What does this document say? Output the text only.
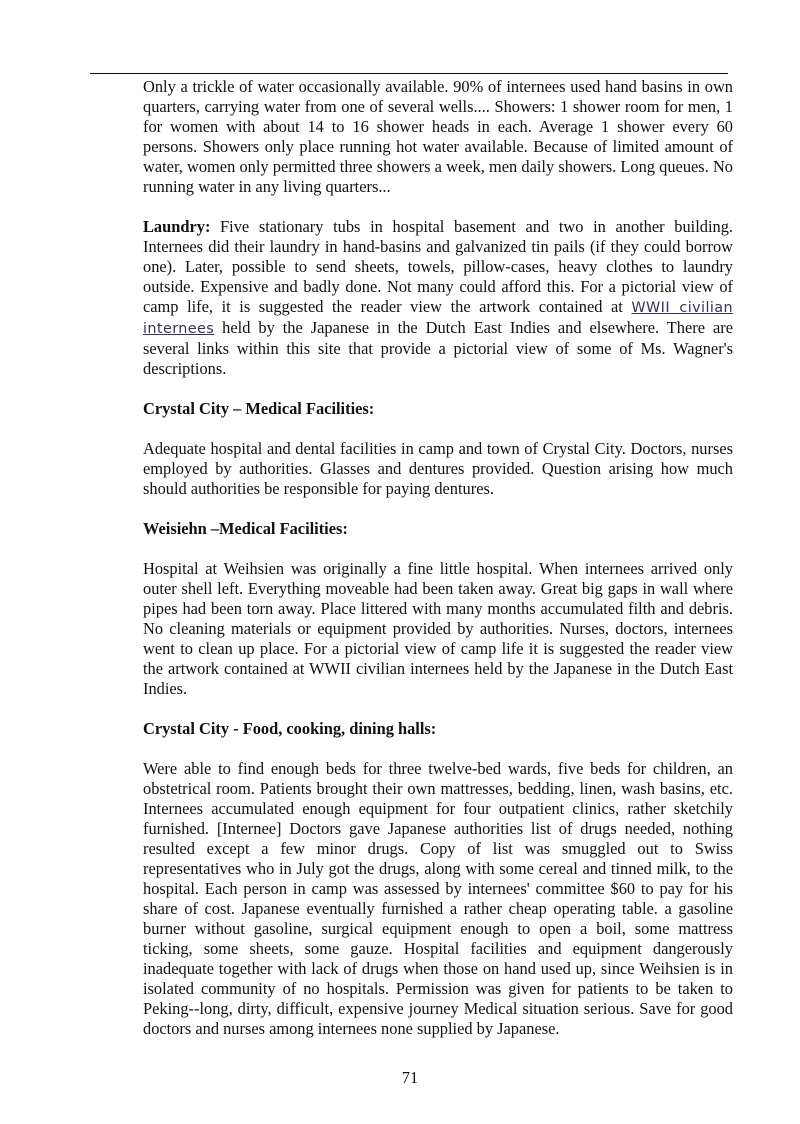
Only a trickle of water occasionally available. 90% of internees used hand basins in own quarters, carrying water from one of several wells.... Showers: 1 shower room for men, 1 for women with about 14 to 16 shower heads in each. Average 1 shower every 60 persons. Showers only place running hot water available. Because of limited amount of water, women only permitted three showers a week, men daily showers. Long queues. No running water in any living quarters...

Laundry: Five stationary tubs in hospital basement and two in another building. Internees did their laundry in hand-basins and galvanized tin pails (if they could borrow one). Later, possible to send sheets, towels, pillow-cases, heavy clothes to laundry outside. Expensive and badly done. Not many could afford this. For a pictorial view of camp life, it is suggested the reader view the artwork contained at WWII civilian internees held by the Japanese in the Dutch East Indies and elsewhere. There are several links within this site that provide a pictorial view of some of Ms. Wagner's descriptions.

Crystal City – Medical Facilities:

Adequate hospital and dental facilities in camp and town of Crystal City. Doctors, nurses employed by authorities. Glasses and dentures provided. Question arising how much should authorities be responsible for paying dentures.

Weisiehn –Medical Facilities:

Hospital at Weihsien was originally a fine little hospital. When internees arrived only outer shell left. Everything moveable had been taken away. Great big gaps in wall where pipes had been torn away. Place littered with many months accumulated filth and debris. No cleaning materials or equipment provided by authorities. Nurses, doctors, internees went to clean up place. For a pictorial view of camp life it is suggested the reader view the artwork contained at WWII civilian internees held by the Japanese in the Dutch East Indies.

Crystal City - Food, cooking, dining halls:

Were able to find enough beds for three twelve-bed wards, five beds for children, an obstetrical room. Patients brought their own mattresses, bedding, linen, wash basins, etc. Internees accumulated enough equipment for four outpatient clinics, rather sketchily furnished. [Internee] Doctors gave Japanese authorities list of drugs needed, nothing resulted except a few minor drugs. Copy of list was smuggled out to Swiss representatives who in July got the drugs, along with some cereal and tinned milk, to the hospital. Each person in camp was assessed by internees' committee $60 to pay for his share of cost. Japanese eventually furnished a rather cheap operating table. a gasoline burner without gasoline, surgical equipment enough to open a boil, some mattress ticking, some sheets, some gauze. Hospital facilities and equipment dangerously inadequate together with lack of drugs when those on hand used up, since Weihsien is in isolated community of no hospitals. Permission was given for patients to be taken to Peking--long, dirty, difficult, expensive journey Medical situation serious. Save for good doctors and nurses among internees none supplied by Japanese.

71
